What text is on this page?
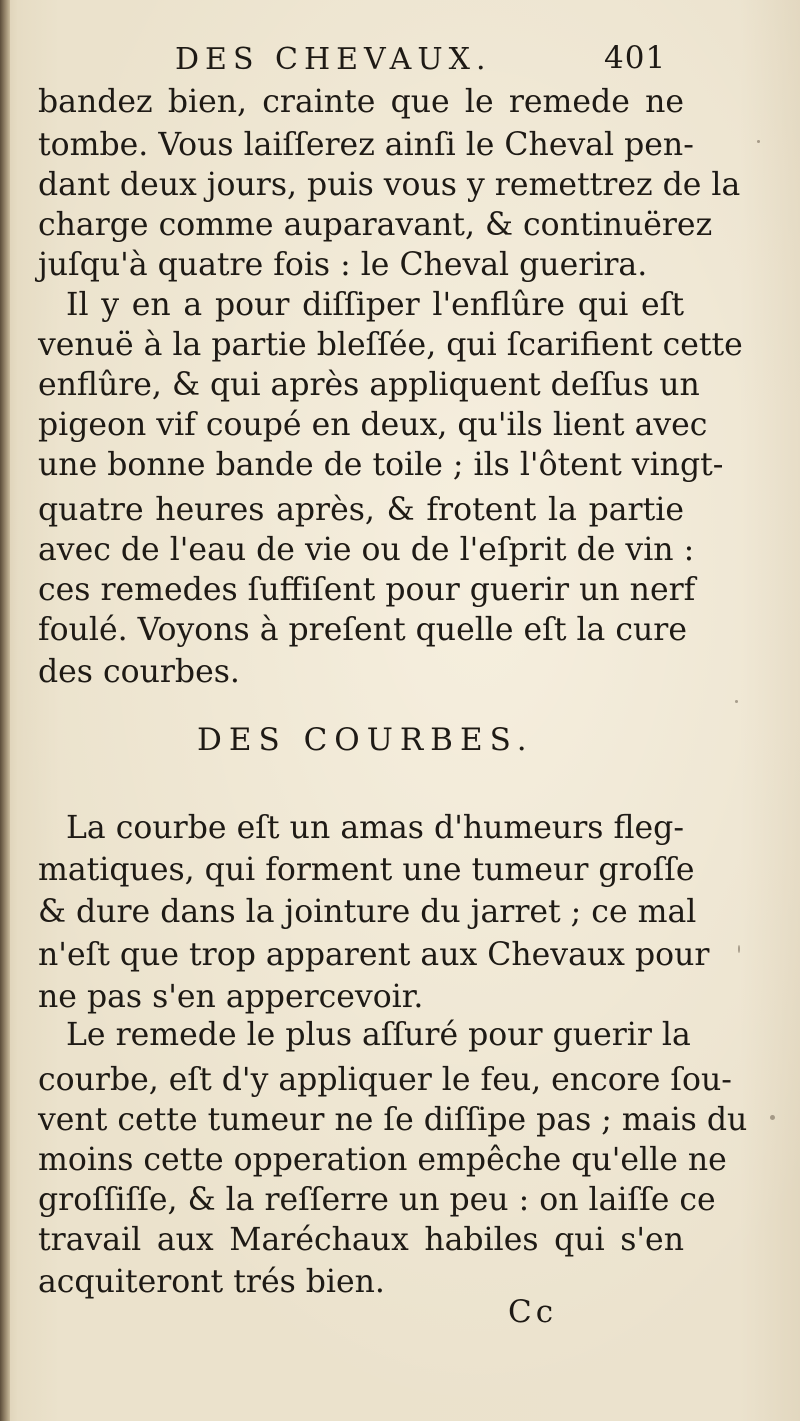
DES CHEVAUX.	401
bandez bien, crainte que le remede ne
tombe. Vous laiſſerez ainſi le Cheval pen-
dant deux jours, puis vous y remettrez de la
charge comme auparavant, & continuërez
juſqu'à quatre fois : le Cheval guerira.
Il y en a pour diſſiper l'enflûre qui eſt
venuë à la partie bleſſée, qui ſcarifient cette
enflûre, & qui après appliquent deſſus un
pigeon vif coupé en deux, qu'ils lient avec
une bonne bande de toile ; ils l'ôtent vingt-
quatre heures après, & frotent la partie
avec de l'eau de vie ou de l'eſprit de vin :
ces remedes ſuffiſent pour guerir un nerf
foulé. Voyons à preſent quelle eſt la cure
des courbes.
DES COURBES.
La courbe eſt un amas d'humeurs fleg-
matiques, qui forment une tumeur groſſe
& dure dans la jointure du jarret ; ce mal
n'eſt que trop apparent aux Chevaux pour
ne pas s'en appercevoir.
Le remede le plus aſſuré pour guerir la
courbe, eſt d'y appliquer le feu, encore ſou-
vent cette tumeur ne ſe diſſipe pas ; mais du
moins cette opperation empêche qu'elle ne
groſſiſſe, & la reſſerre un peu : on laiſſe ce
travail aux Maréchaux habiles qui s'en
acquiteront trés bien.
Cc
